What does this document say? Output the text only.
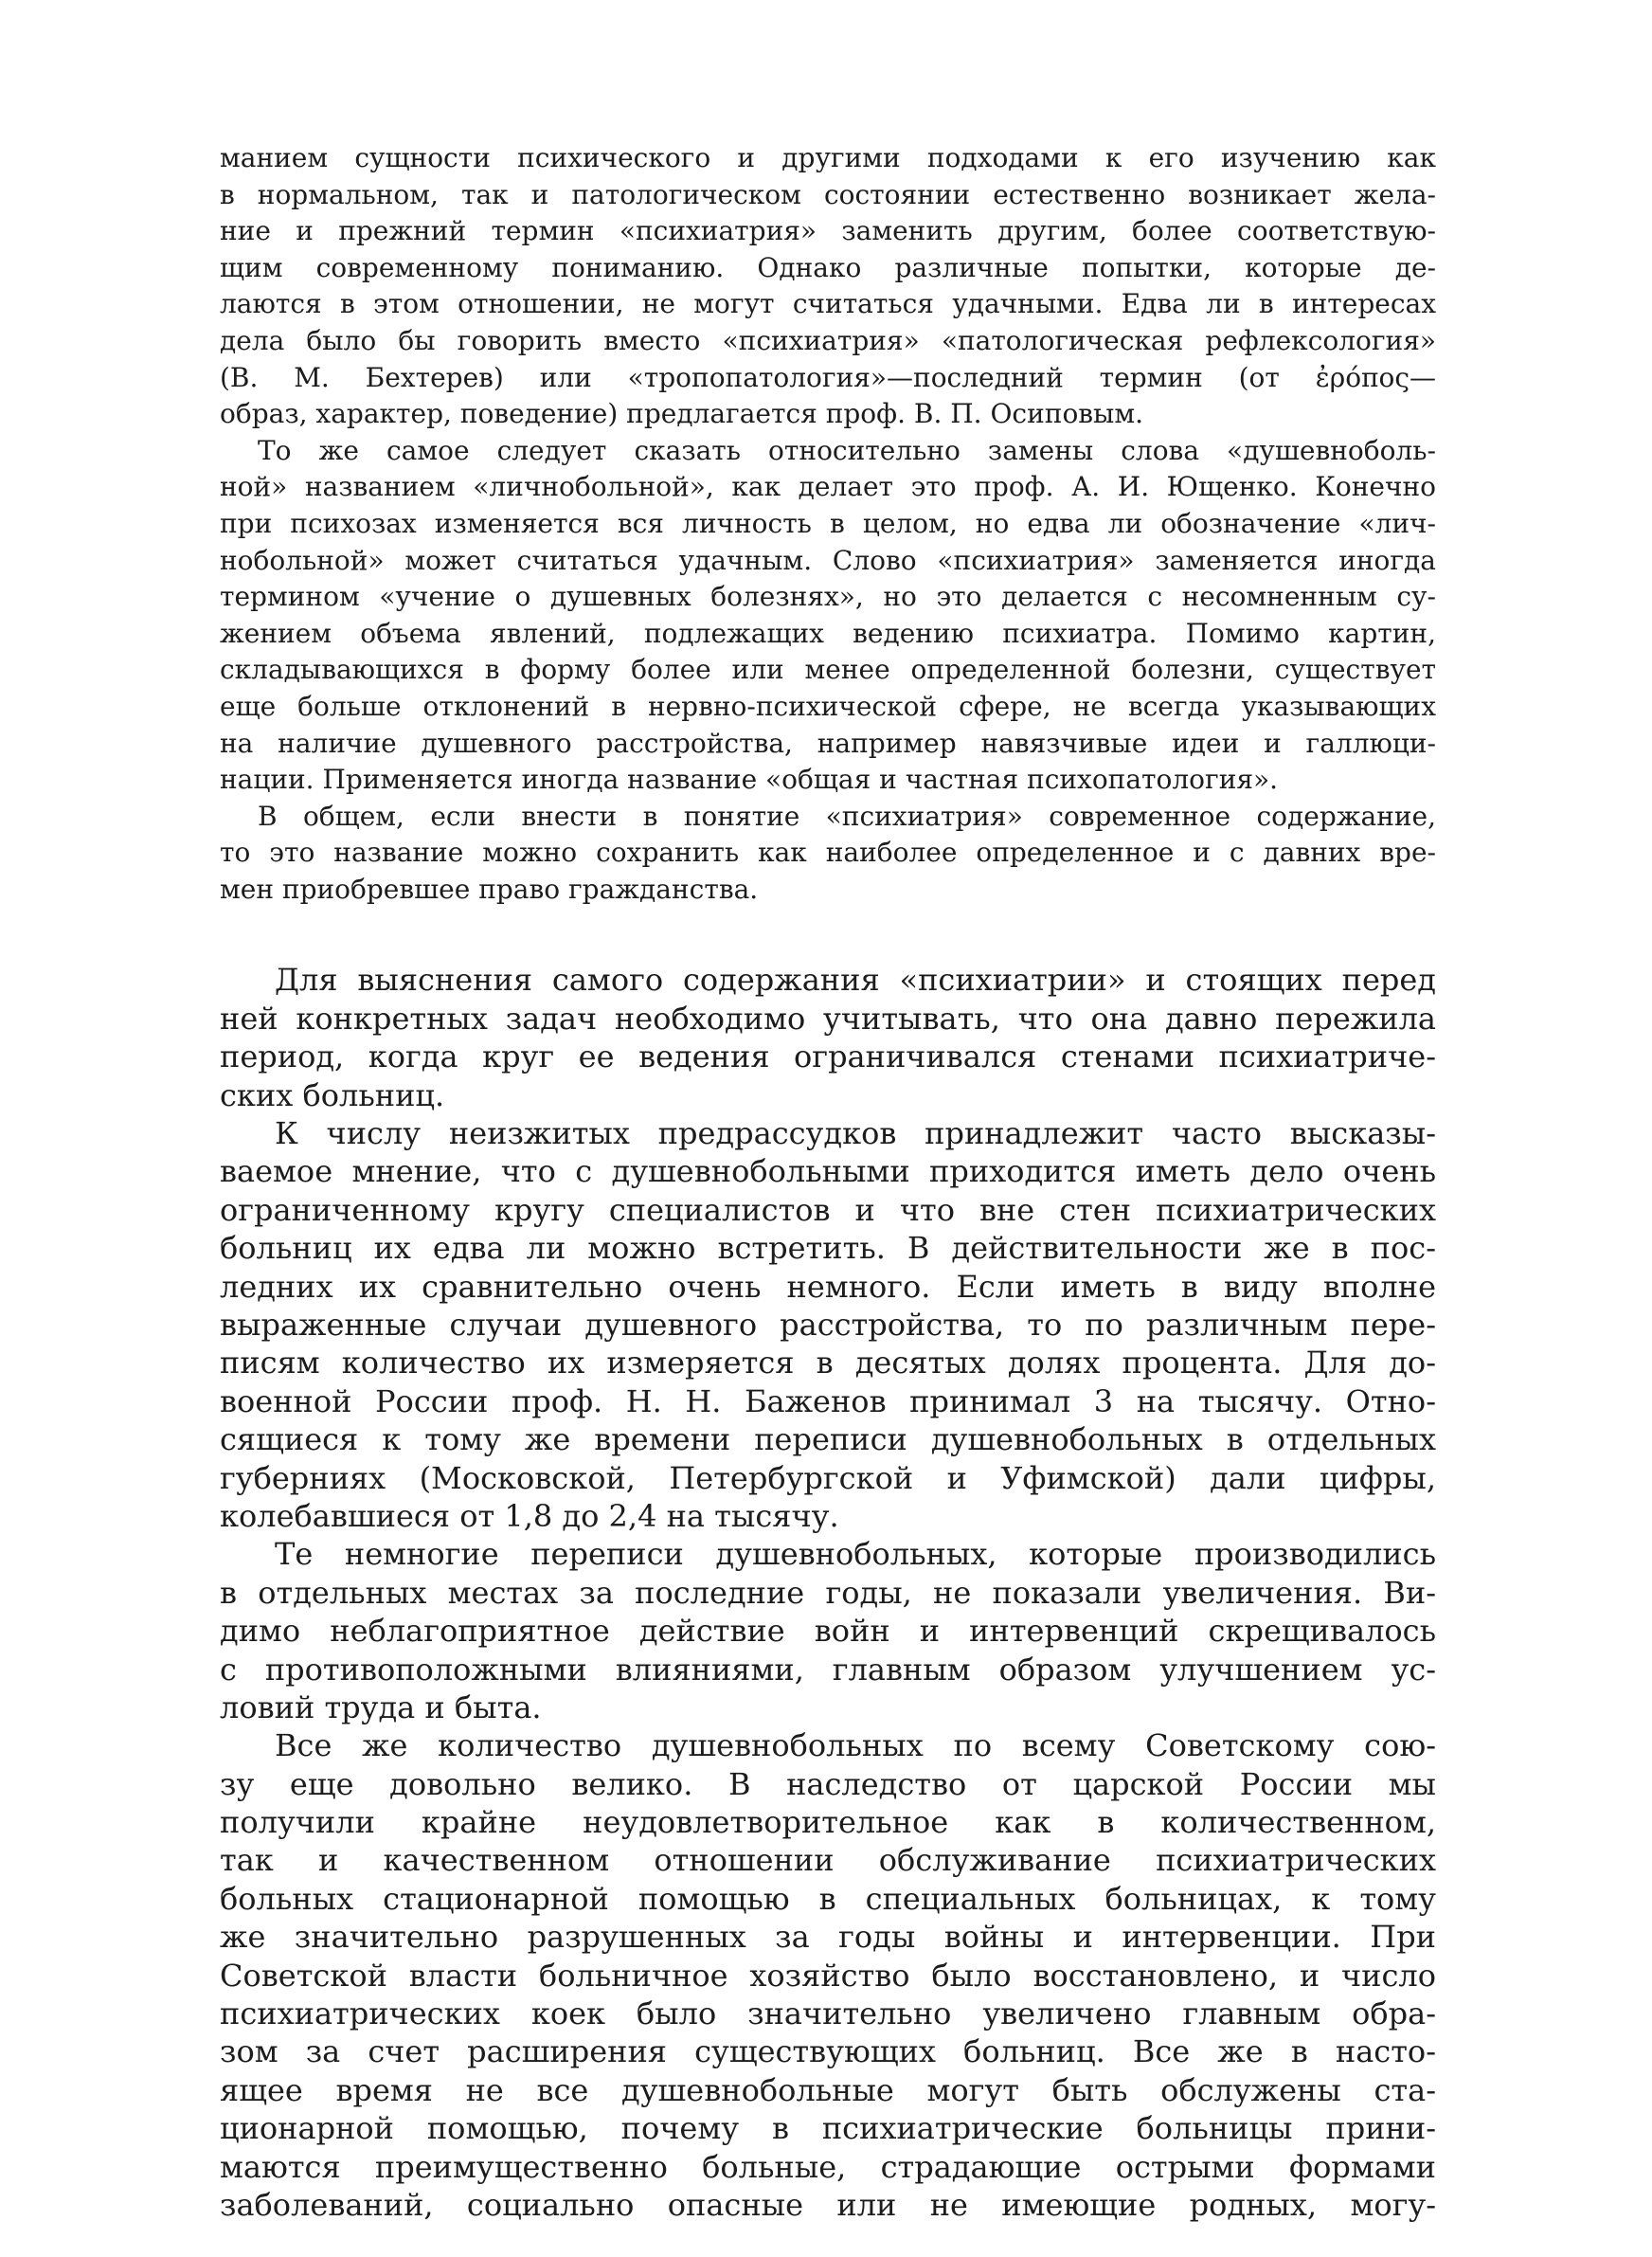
манием сущности психического и другими подходами к его изучению как
в нормальном, так и патологическом состоянии естественно возникает жела-
ние и прежний термин «психиатрия» заменить другим, более соответствую-
щим современному пониманию. Однако различные попытки, которые де-
лаются в этом отношении, не могут считаться удачными. Едва ли в интересах
дела было бы говорить вместо «психиатрия» «патологическая рефлексология»
(В. М. Бехтерев) или «тропопатология»—последний термин (от ἐρόπος—
образ, характер, поведение) предлагается проф. В. П. Осиповым.
То же самое следует сказать относительно замены слова «душевноболь-
ной» названием «личнобольной», как делает это проф. А. И. Ющенко. Конечно
при психозах изменяется вся личность в целом, но едва ли обозначение «лич-
нобольной» может считаться удачным. Слово «психиатрия» заменяется иногда
термином «учение о душевных болезнях», но это делается с несомненным су-
жением объема явлений, подлежащих ведению психиатра. Помимо картин,
складывающихся в форму более или менее определенной болезни, существует
еще больше отклонений в нервно-психической сфере, не всегда указывающих
на наличие душевного расстройства, например навязчивые идеи и галлюци-
нации. Применяется иногда название «общая и частная психопатология».
В общем, если внести в понятие «психиатрия» современное содержание,
то это название можно сохранить как наиболее определенное и с давних вре-
мен приобревшее право гражданства.
Для выяснения самого содержания «психиатрии» и стоящих перед
ней конкретных задач необходимо учитывать, что она давно пережила
период, когда круг ее ведения ограничивался стенами психиатриче-
ских больниц.
К числу неизжитых предрассудков принадлежит часто высказы-
ваемое мнение, что с душевнобольными приходится иметь дело очень
ограниченному кругу специалистов и что вне стен психиатрических
больниц их едва ли можно встретить. В действительности же в пос-
ледних их сравнительно очень немного. Если иметь в виду вполне
выраженные случаи душевного расстройства, то по различным пере-
писям количество их измеряется в десятых долях процента. Для до-
военной России проф. Н. Н. Баженов принимал 3 на тысячу. Отно-
сящиеся к тому же времени переписи душевнобольных в отдельных
губерниях (Московской, Петербургской и Уфимской) дали цифры,
колебавшиеся от 1,8 до 2,4 на тысячу.
Те немногие переписи душевнобольных, которые производились
в отдельных местах за последние годы, не показали увеличения. Ви-
димо неблагоприятное действие войн и интервенций скрещивалось
с противоположными влияниями, главным образом улучшением ус-
ловий труда и быта.
Все же количество душевнобольных по всему Советскому сою-
зу еще довольно велико. В наследство от царской России мы
получили крайне неудовлетворительное как в количественном,
так и качественном отношении обслуживание психиатрических
больных стационарной помощью в специальных больницах, к тому
же значительно разрушенных за годы войны и интервенции. При
Советской власти больничное хозяйство было восстановлено, и число
психиатрических коек было значительно увеличено главным обра-
зом за счет расширения существующих больниц. Все же в насто-
ящее время не все душевнобольные могут быть обслужены ста-
ционарной помощью, почему в психиатрические больницы прини-
маются преимущественно больные, страдающие острыми формами
заболеваний, социально опасные или не имеющие родных, могу-
